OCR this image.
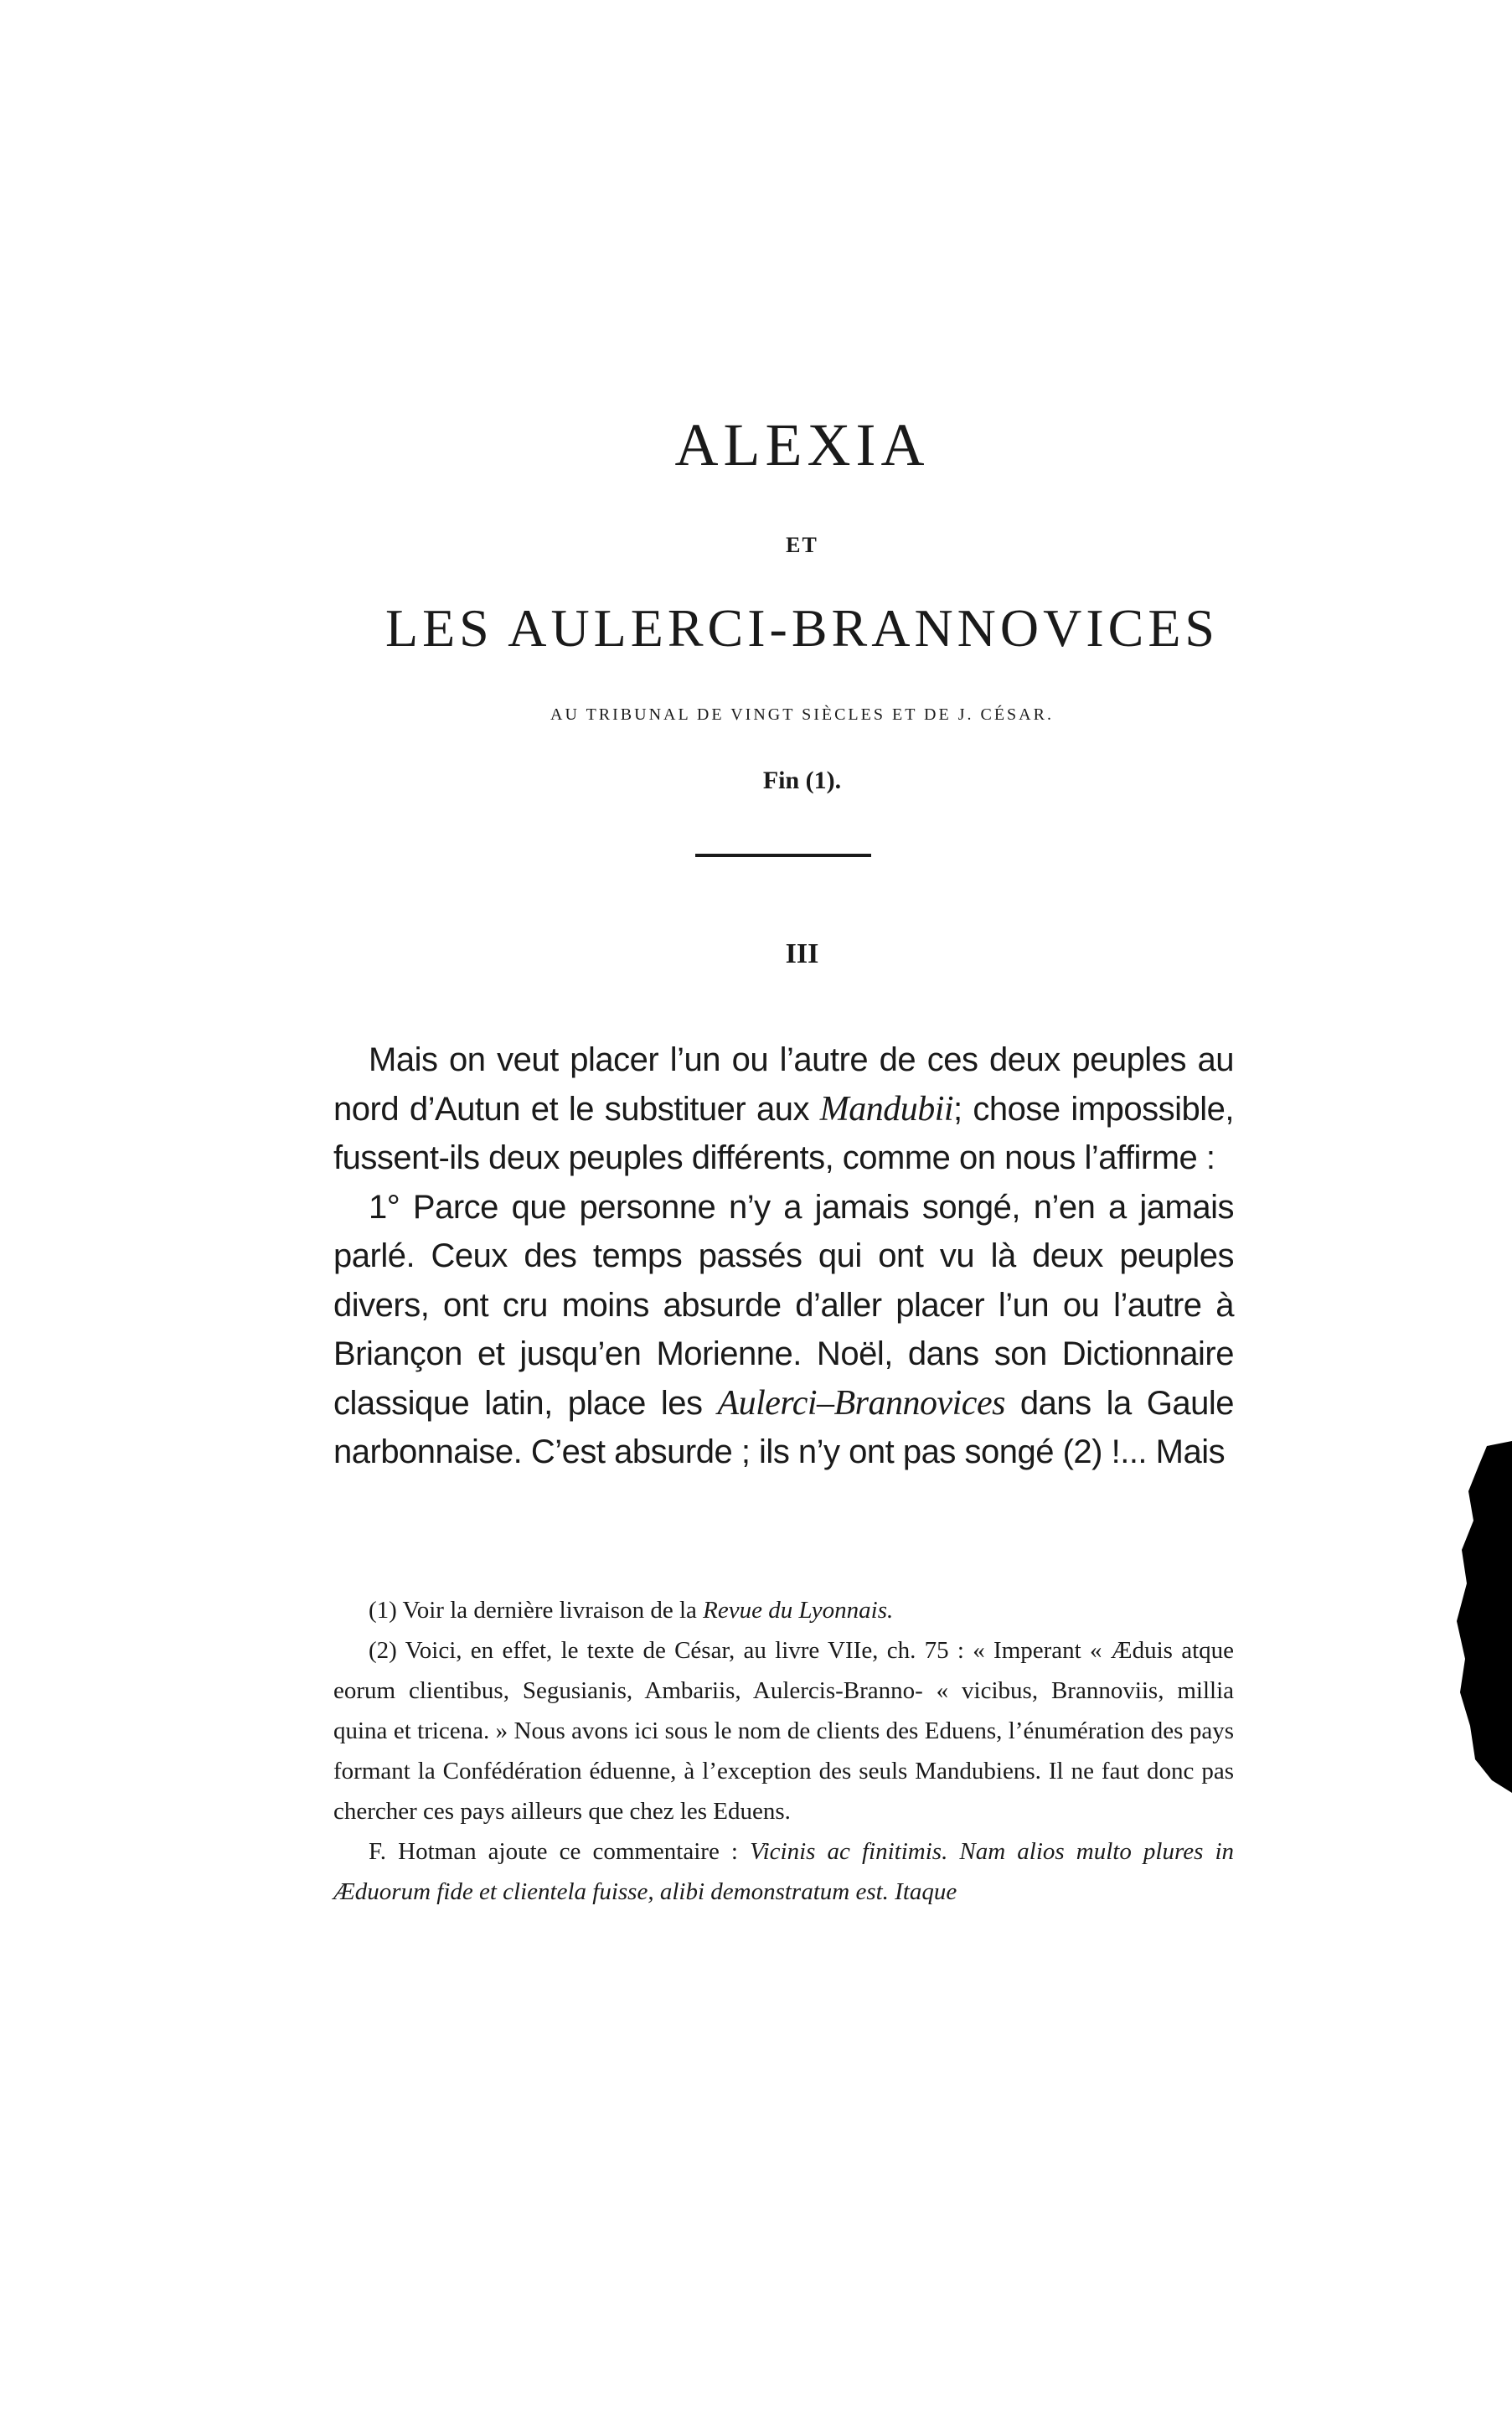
ALEXIA
ET
LES AULERCI-BRANNOVICES
AU TRIBUNAL DE VINGT SIÈCLES ET DE J. CÉSAR.
Fin (1).
III

Mais on veut placer l’un ou l’autre de ces deux peuples au nord d’Autun et le substituer aux Mandubii; chose impossible, fussent-ils deux peuples différents, comme on nous l’affirme :

1° Parce que personne n’y a jamais songé, n’en a jamais parlé. Ceux des temps passés qui ont vu là deux peuples divers, ont cru moins absurde d’aller placer l’un ou l’autre à Briançon et jusqu’en Morienne. Noël, dans son Dictionnaire classique latin, place les Aulerci–Brannovices dans la Gaule narbonnaise. C’est absurde ; ils n’y ont pas songé (2) !... Mais

(1) Voir la dernière livraison de la Revue du Lyonnais.

(2) Voici, en effet, le texte de César, au livre VIIe, ch. 75 : « Imperant « Æduis atque eorum clientibus, Segusianis, Ambariis, Aulercis-Branno- « vicibus, Brannoviis, millia quina et tricena. » Nous avons ici sous le nom de clients des Eduens, l’énumération des pays formant la Confédération éduenne, à l’exception des seuls Mandubiens. Il ne faut donc pas chercher ces pays ailleurs que chez les Eduens.

F. Hotman ajoute ce commentaire : Vicinis ac finitimis. Nam alios multo plures in Æduorum fide et clientela fuisse, alibi demonstratum est. Itaque
